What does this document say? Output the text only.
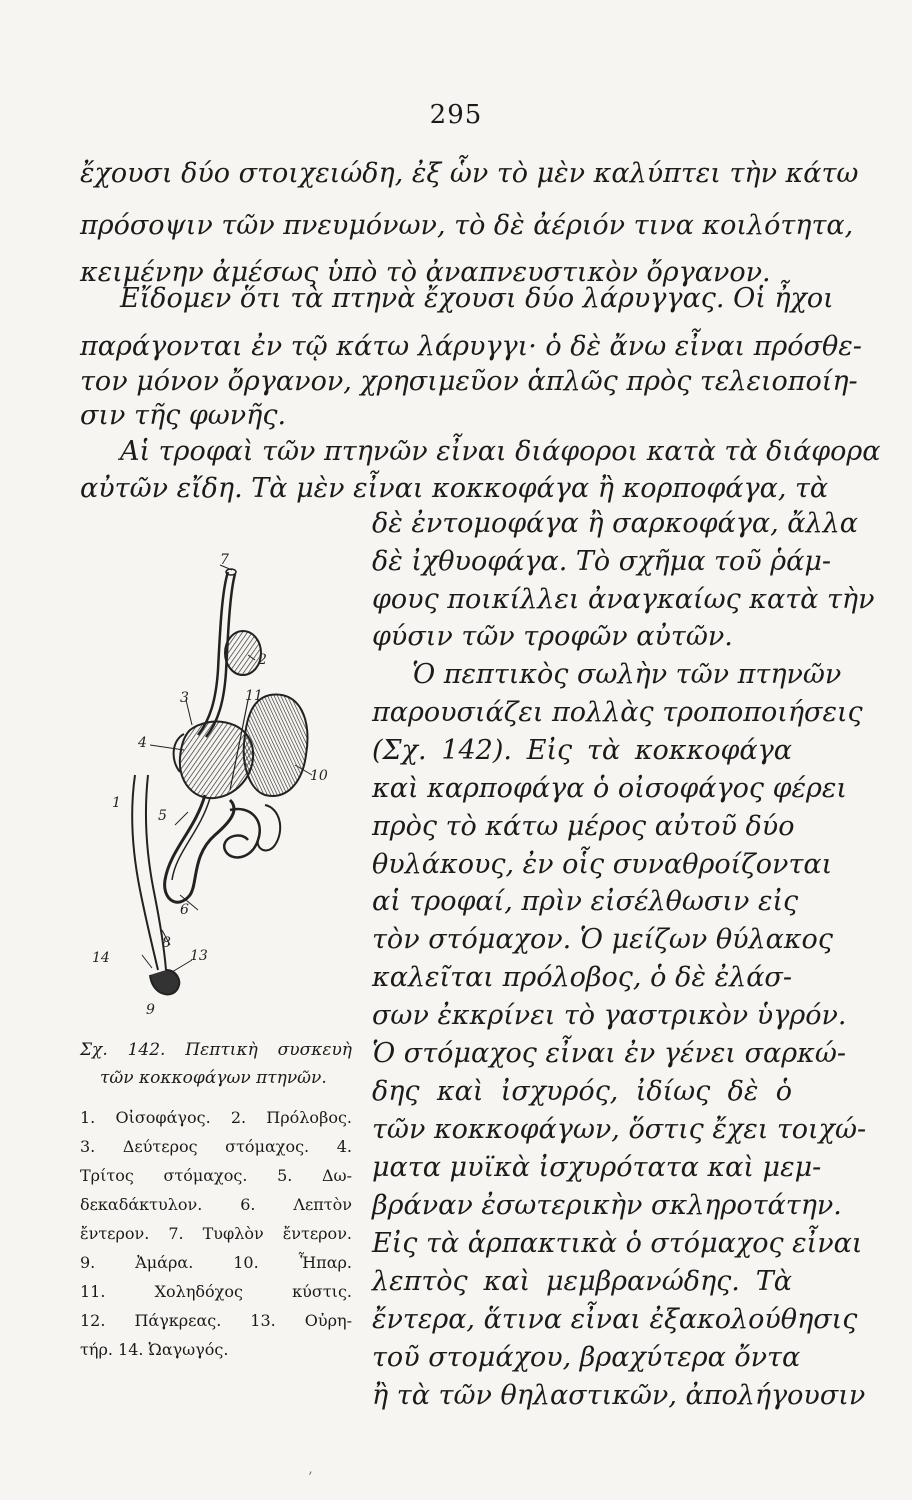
295
ἔχουσι δύο στοιχειώδη, ἐξ ὧν τὸ μὲν καλύπτει τὴν κάτω
πρόσοψιν τῶν πνευμόνων, τὸ δὲ ἀέριόν τινα κοιλότητα,
κειμένην ἀμέσως ὑπὸ τὸ ἀναπνευστικὸν ὄργανον.
Εἴδομεν ὅτι τὰ πτηνὰ ἔχουσι δύο λάρυγγας. Οἱ ἦχοι
παράγονται ἐν τῷ κάτω λάρυγγι· ὁ δὲ ἄνω εἶναι πρόσθε-
τον μόνον ὄργανον, χρησιμεῦον ἁπλῶς πρὸς τελειοποίη-
σιν τῆς φωνῆς.
Αἱ τροφαὶ τῶν πτηνῶν εἶναι διάφοροι κατὰ τὰ διάφορα
αὐτῶν εἴδη. Τὰ μὲν εἶναι κοκκοφάγα ἢ κορποφάγα, τὰ
δὲ ἐντομοφάγα ἢ σαρκοφάγα, ἄλλα
δὲ ἰχθυοφάγα. Τὸ σχῆμα τοῦ ῥάμ-
φους ποικίλλει ἀναγκαίως κατὰ τὴν
φύσιν τῶν τροφῶν αὐτῶν.
Ὁ πεπτικὸς σωλὴν τῶν πτηνῶν
παρουσιάζει πολλὰς τροποποιήσεις
(Σχ. 142). Εἰς τὰ κοκκοφάγα
καὶ καρποφάγα ὁ οἰσοφάγος φέρει
πρὸς τὸ κάτω μέρος αὐτοῦ δύο
θυλάκους, ἐν οἷς συναθροίζονται
αἱ τροφαί, πρὶν εἰσέλθωσιν εἰς
τὸν στόμαχον. Ὁ μείζων θύλακος
καλεῖται πρόλοβος, ὁ δὲ ἐλάσ-
σων ἐκκρίνει τὸ γαστρικὸν ὑγρόν.
Ὁ στόμαχος εἶναι ἐν γένει σαρκώ-
δης καὶ ἰσχυρός, ἰδίως δὲ ὁ
τῶν κοκκοφάγων, ὅστις ἔχει τοιχώ-
ματα μυϊκὰ ἰσχυρότατα καὶ μεμ-
βράναν ἐσωτερικὴν σκληροτάτην.
Εἰς τὰ ἁρπακτικὰ ὁ στόμαχος εἶναι
λεπτὸς καὶ μεμβρανώδης. Τὰ
ἔντερα, ἅτινα εἶναι ἐξακολούθησις
τοῦ στομάχου, βραχύτερα ὄντα
ἢ τὰ τῶν θηλαστικῶν, ἀπολήγουσιν
7
2
3	11
4
10
1
5
6
8
14	13
9
Σχ. 142. Πεπτικὴ συσκευὴ
τῶν κοκκοφάγων πτηνῶν.
1. Οἰσοφάγος. 2. Πρόλοβος.
3. Δεύτερος στόμαχος. 4.
Τρίτος στόμαχος. 5. Δω-
δεκαδάκτυλον. 6. Λεπτὸν
ἔντερον. 7. Τυφλὸν ἔντερον.
9. Ἀμάρα. 10. Ἧπαρ.
11. Χοληδόχος κύστις.
12. Πάγκρεας. 13. Οὐρη-
τήρ. 14. Ὠαγωγός.
’
